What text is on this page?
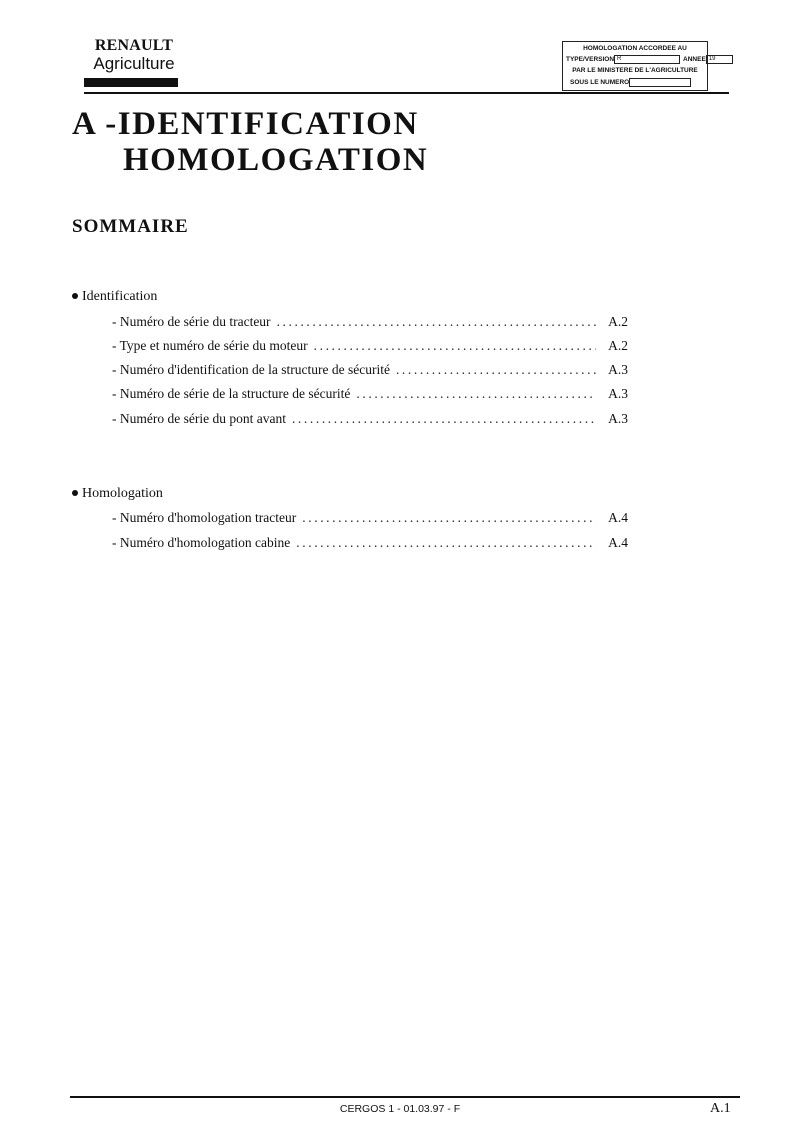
RENAULT
Agriculture
HOMOLOGATION ACCORDEE AU
TYPE/VERSION R	ANNEE 19
PAR LE MINISTERE DE L'AGRICULTURE
SOUS LE NUMERO
A -IDENTIFICATION
HOMOLOGATION
SOMMAIRE
Identification
- Numéro de série du tracteur .....	A.2
- Type et numéro de série du moteur .....	A.2
- Numéro d'identification de la structure de sécurité .....	A.3
- Numéro de série de la structure de sécurité .....	A.3
- Numéro de série du pont avant .....	A.3
Homologation
- Numéro d'homologation tracteur .....	A.4
- Numéro d'homologation cabine .....	A.4
CERGOS 1 - 01.03.97 - F	A.1
